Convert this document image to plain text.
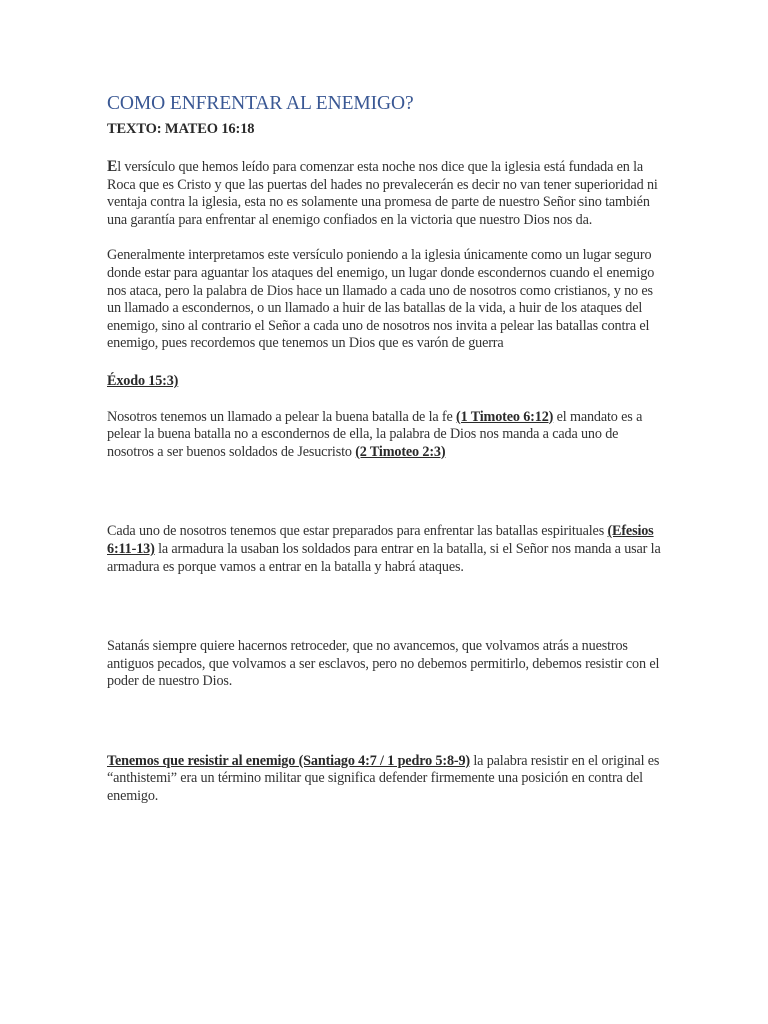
COMO ENFRENTAR AL ENEMIGO?
TEXTO: MATEO 16:18

El versículo que hemos leído para comenzar esta noche nos dice que la iglesia está fundada en la Roca que es Cristo y que las puertas del hades no prevalecerán es decir no van tener superioridad ni ventaja contra la iglesia, esta no es solamente una promesa de parte de nuestro Señor sino también una garantía para enfrentar al enemigo confiados en la victoria que nuestro Dios nos da.

Generalmente interpretamos este versículo poniendo a la iglesia únicamente como un lugar seguro donde estar para aguantar los ataques del enemigo, un lugar donde escondernos cuando el enemigo nos ataca, pero la palabra de Dios hace un llamado a cada uno de nosotros como cristianos, y no es un llamado a escondernos, o un llamado a huir de las batallas de la vida, a huir de los ataques del enemigo, sino al contrario el Señor a cada uno de nosotros nos invita a pelear las batallas contra el enemigo, pues recordemos que tenemos un Dios que es varón de guerra

Éxodo 15:3)

Nosotros tenemos un llamado a pelear la buena batalla de la fe (1 Timoteo 6:12) el mandato es a pelear la buena batalla no a escondernos de ella, la palabra de Dios nos manda a cada uno de nosotros a ser buenos soldados de Jesucristo (2 Timoteo 2:3)

Cada uno de nosotros tenemos que estar preparados para enfrentar las batallas espirituales (Efesios 6:11-13) la armadura la usaban los soldados para entrar en la batalla, si el Señor nos manda a usar la armadura es porque vamos a entrar en la batalla y habrá ataques.

Satanás siempre quiere hacernos retroceder, que no avancemos, que volvamos atrás a nuestros antiguos pecados, que volvamos a ser esclavos, pero no debemos permitirlo, debemos resistir con el poder de nuestro Dios.

Tenemos que resistir al enemigo (Santiago 4:7 / 1 pedro 5:8-9) la palabra resistir en el original es “anthistemi” era un término militar que significa defender firmemente una posición en contra del enemigo.
